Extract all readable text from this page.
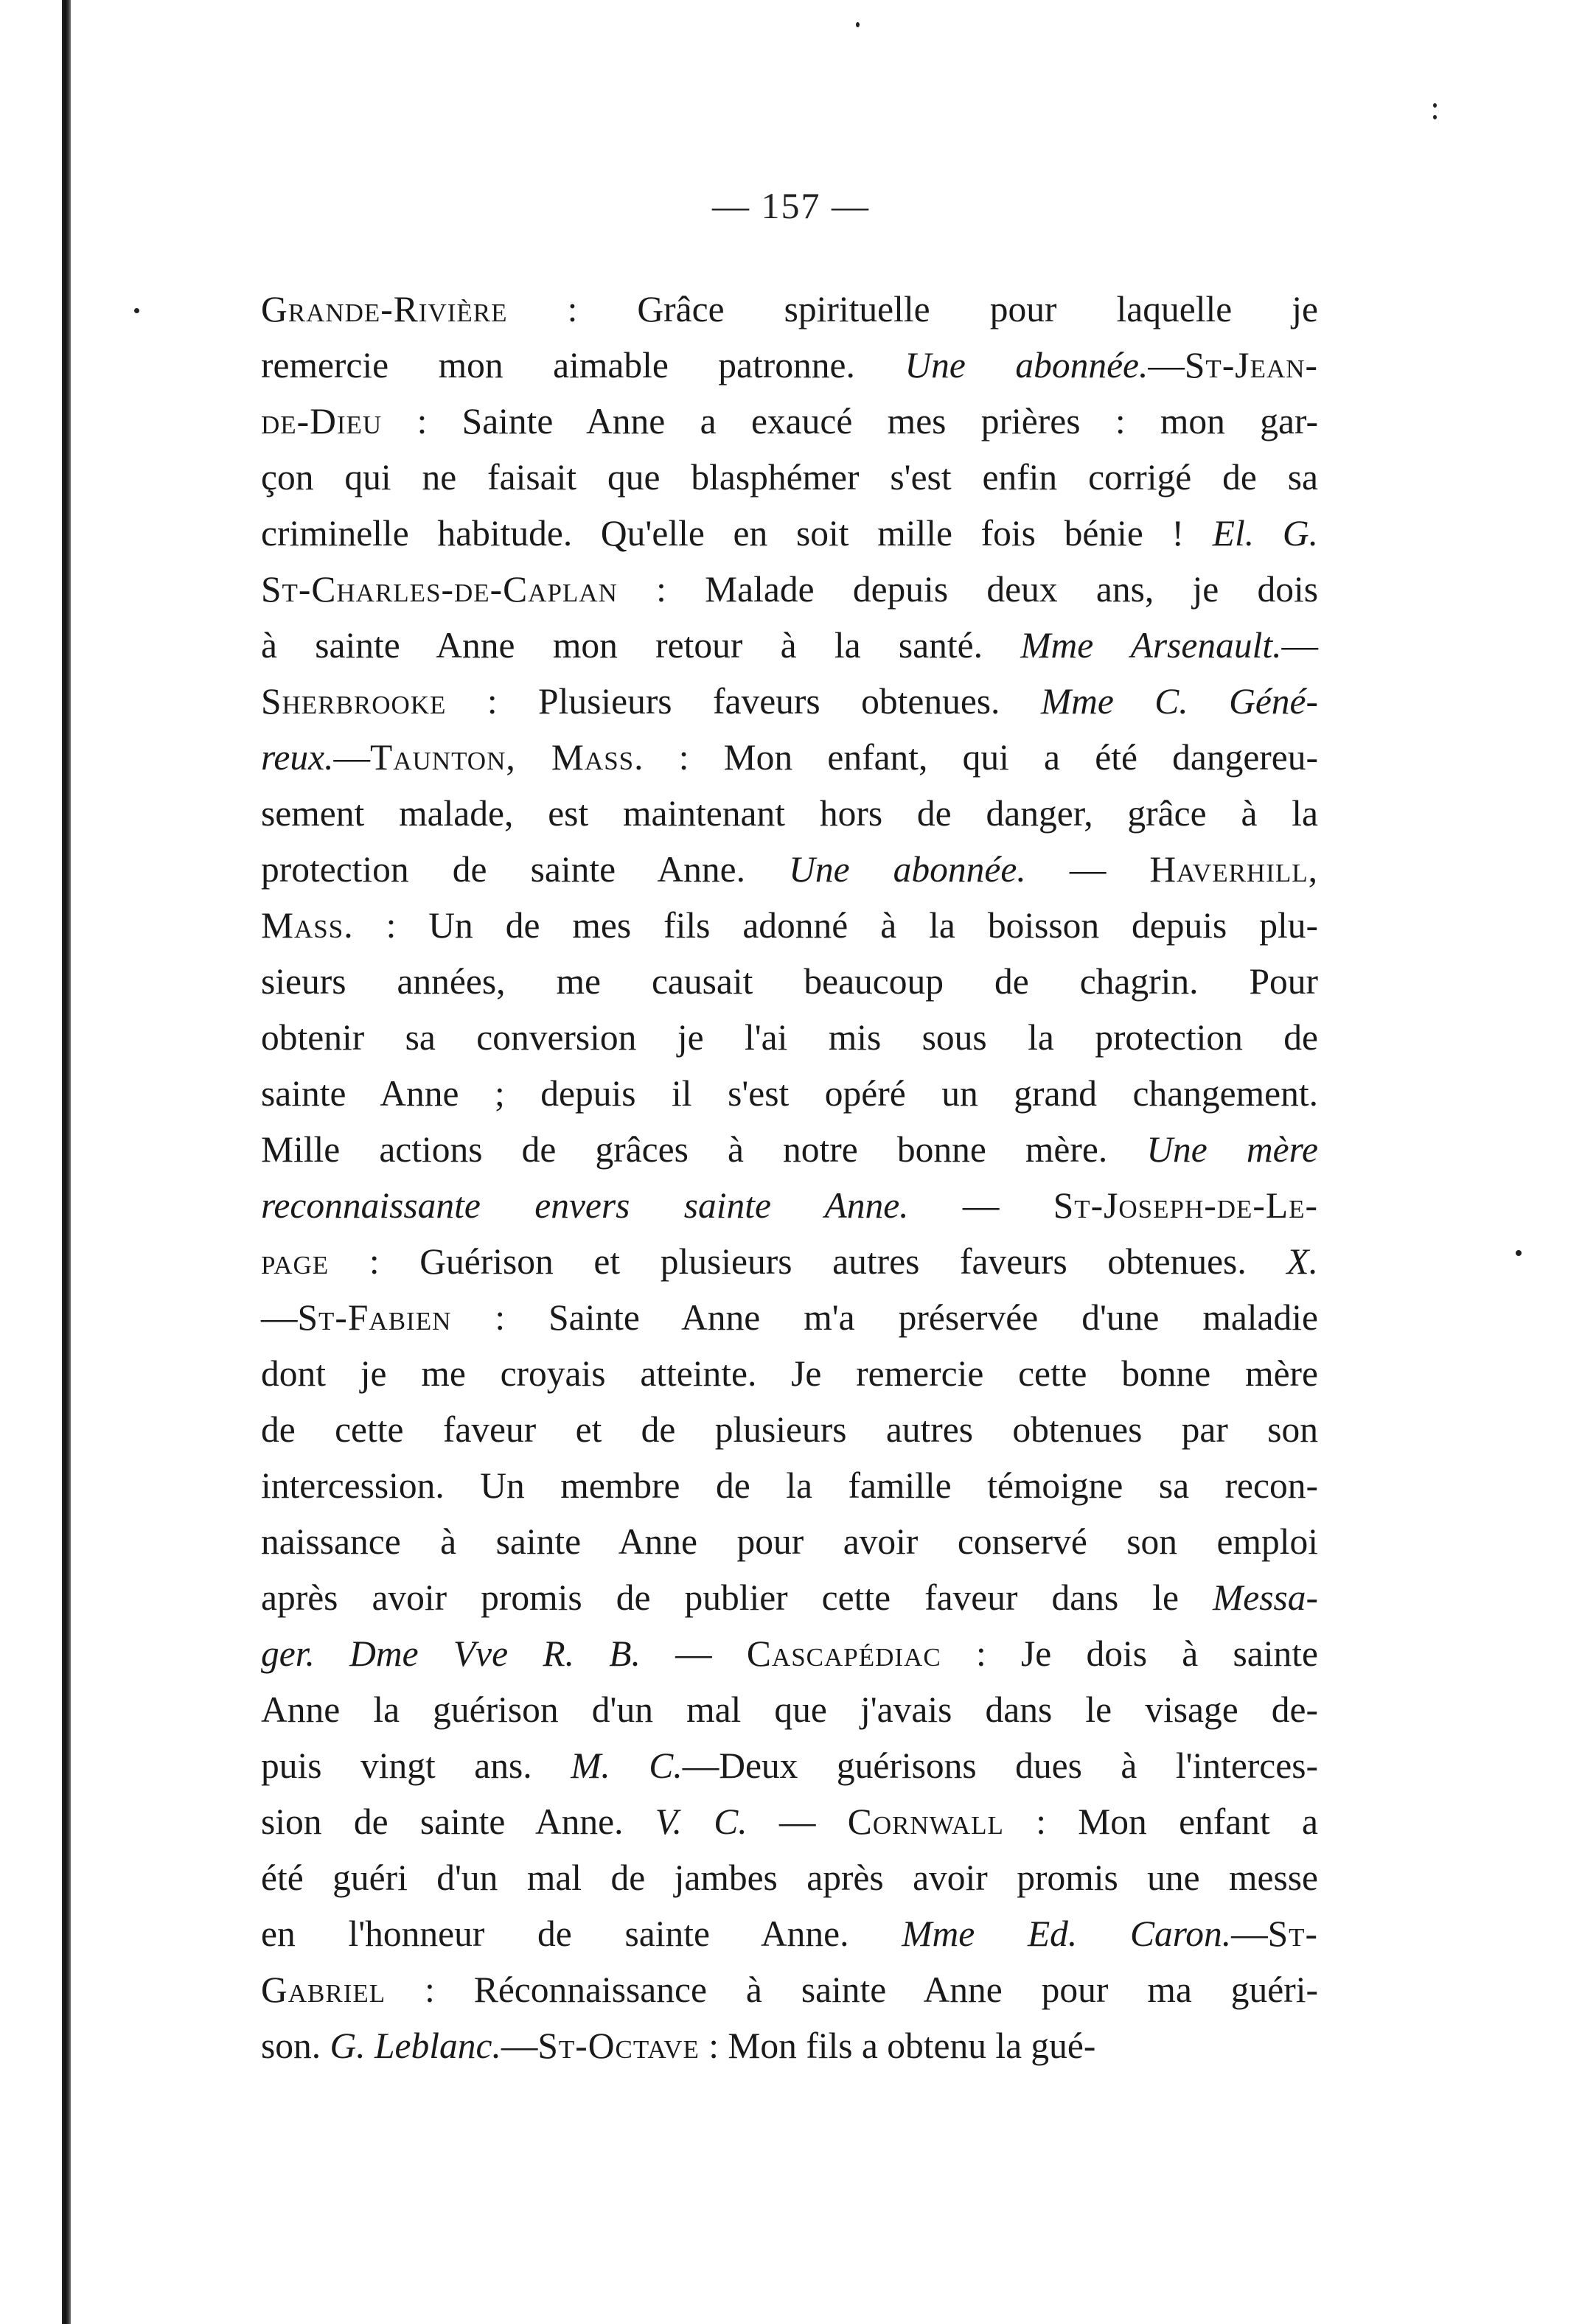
— 157 —
Grande-Rivière : Grâce spirituelle pour laquelle je
remercie mon aimable patronne. Une abonnée.—St-Jean-
de-Dieu : Sainte Anne a exaucé mes prières : mon gar-
çon qui ne faisait que blasphémer s'est enfin corrigé de sa
criminelle habitude. Qu'elle en soit mille fois bénie ! El. G.
St-Charles-de-Caplan : Malade depuis deux ans, je dois
à sainte Anne mon retour à la santé. Mme Arsenault.—
Sherbrooke : Plusieurs faveurs obtenues. Mme C. Géné-
reux.—Taunton, Mass. : Mon enfant, qui a été dangereu-
sement malade, est maintenant hors de danger, grâce à la
protection de sainte Anne. Une abonnée. — Haverhill,
Mass. : Un de mes fils adonné à la boisson depuis plu-
sieurs années, me causait beaucoup de chagrin. Pour
obtenir sa conversion je l'ai mis sous la protection de
sainte Anne ; depuis il s'est opéré un grand changement.
Mille actions de grâces à notre bonne mère. Une mère
reconnaissante envers sainte Anne. — St-Joseph-de-Le-
page : Guérison et plusieurs autres faveurs obtenues. X.
—St-Fabien : Sainte Anne m'a préservée d'une maladie
dont je me croyais atteinte. Je remercie cette bonne mère
de cette faveur et de plusieurs autres obtenues par son
intercession. Un membre de la famille témoigne sa recon-
naissance à sainte Anne pour avoir conservé son emploi
après avoir promis de publier cette faveur dans le Messa-
ger. Dme Vve R. B. — Cascapédiac : Je dois à sainte
Anne la guérison d'un mal que j'avais dans le visage de-
puis vingt ans. M. C.—Deux guérisons dues à l'interces-
sion de sainte Anne. V. C. — Cornwall : Mon enfant a
été guéri d'un mal de jambes après avoir promis une messe
en l'honneur de sainte Anne. Mme Ed. Caron.—St-
Gabriel : Réconnaissance à sainte Anne pour ma guéri-
son. G. Leblanc.—St-Octave : Mon fils a obtenu la gué-
